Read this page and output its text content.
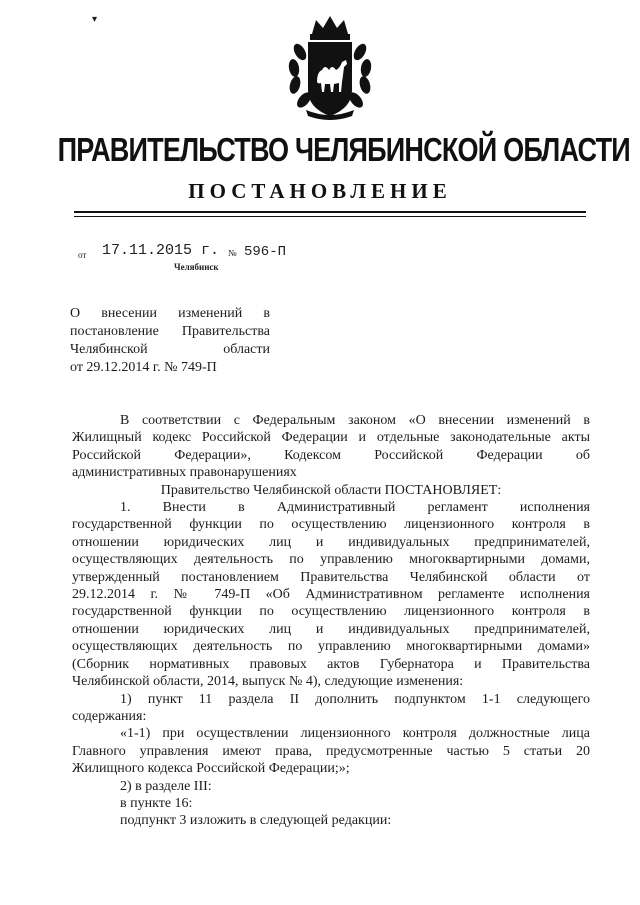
▾
ПРАВИТЕЛЬСТВО ЧЕЛЯБИНСКОЙ ОБЛАСТИ
ПОСТАНОВЛЕНИЕ
от 17.11.2015 г. № 596-П
Челябинск
О внесении изменений в
постановление Правительства
Челябинской области
от 29.12.2014 г. № 749-П

В соответствии с Федеральным законом «О внесении изменений в

Жилищный кодекс Российской Федерации и отдельные законодательные акты

Российской Федерации», Кодексом Российской Федерации об

административных правонарушениях

Правительство Челябинской области ПОСТАНОВЛЯЕТ:

1. Внести в Административный регламент исполнения

государственной функции по осуществлению лицензионного контроля в

отношении юридических лиц и индивидуальных предпринимателей,

осуществляющих деятельность по управлению многоквартирными домами,

утвержденный постановлением Правительства Челябинской области от

29.12.2014 г. № 749-П «Об Административном регламенте исполнения

государственной функции по осуществлению лицензионного контроля в

отношении юридических лиц и индивидуальных предпринимателей,

осуществляющих деятельность по управлению многоквартирными домами»

(Сборник нормативных правовых актов Губернатора и Правительства

Челябинской области, 2014, выпуск № 4), следующие изменения:

1) пункт 11 раздела II дополнить подпунктом 1-1 следующего

содержания:

«1-1) при осуществлении лицензионного контроля должностные лица

Главного управления имеют права, предусмотренные частью 5 статьи 20

Жилищного кодекса Российской Федерации;»;

2) в разделе III:

в пункте 16:

подпункт 3 изложить в следующей редакции:
